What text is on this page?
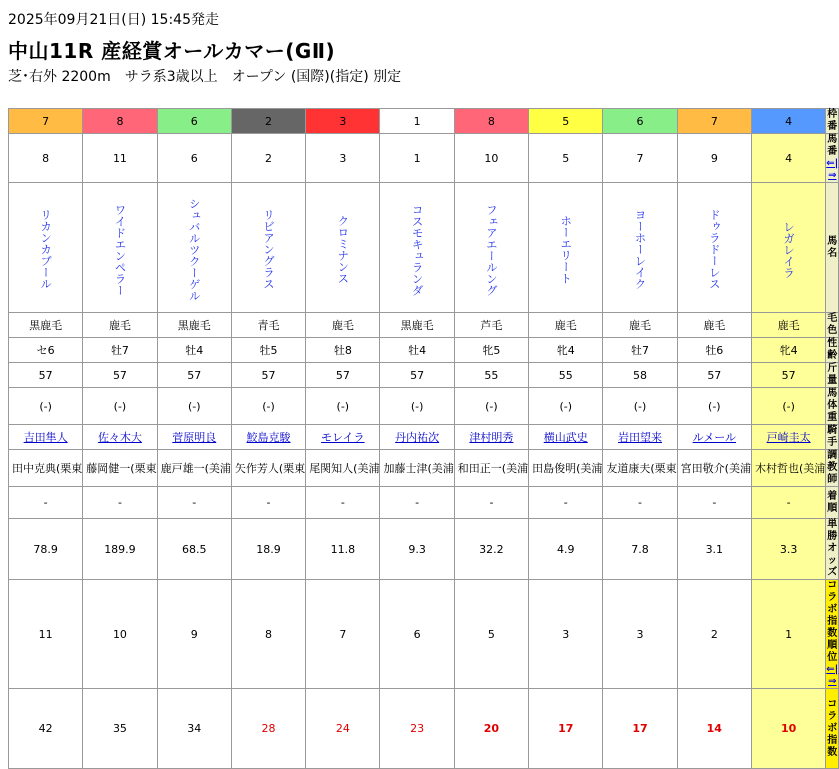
2025年09月21日(日) 15:45発走
中山11R 産経賞オールカマー(GⅡ)
芝･右外 2200m　サラ系3歳以上　オープン (国際)(指定) 別定
7	8	6	2	3	1	8	5	6	7	4	枠番
8	11	6	2	3	1	10	5	7	9	4	馬番
⇐|⇒

リカンカブール	ワイドエンペラー	シュバルツクーゲル	リビアングラス	クロミナンス	コスモキュランダ	フェアエールング	ホーエリート	ヨーホーレイク	ドゥラドーレス	レガレイラ	馬名
黒鹿毛	鹿毛	黒鹿毛	青毛	鹿毛	黒鹿毛	芦毛	鹿毛	鹿毛	鹿毛	鹿毛	毛色
セ6	牡7	牡4	牡5	牡8	牡4	牝5	牝4	牡7	牡6	牝4	性齢
57	57	57	57	57	57	55	55	58	57	57	斤量
(-)	(-)	(-)	(-)	(-)	(-)	(-)	(-)	(-)	(-)	(-)	馬体重
吉田隼人	佐々木大	菅原明良	鮫島克駿	モレイラ	丹内祐次	津村明秀	横山武史	岩田望来	ルメール	戸崎圭太	騎手
田中克典(栗東	藤岡健一(栗東	鹿戸雄一(美浦	矢作芳人(栗東	尾関知人(美浦	加藤士津(美浦	和田正一(美浦	田島俊明(美浦	友道康夫(栗東	宮田敬介(美浦	木村哲也(美浦	調教師
-	-	-	-	-	-	-	-	-	-	-	着順
78.9	189.9	68.5	18.9	11.8	9.3	32.2	4.9	7.8	3.1	3.3	単勝オッズ
11	10	9	8	7	6	5	3	3	2	1	コラボ指数順位
⇐|⇒
42	35	34	28	24	23	20	17	17	14	10	コラボ指数
